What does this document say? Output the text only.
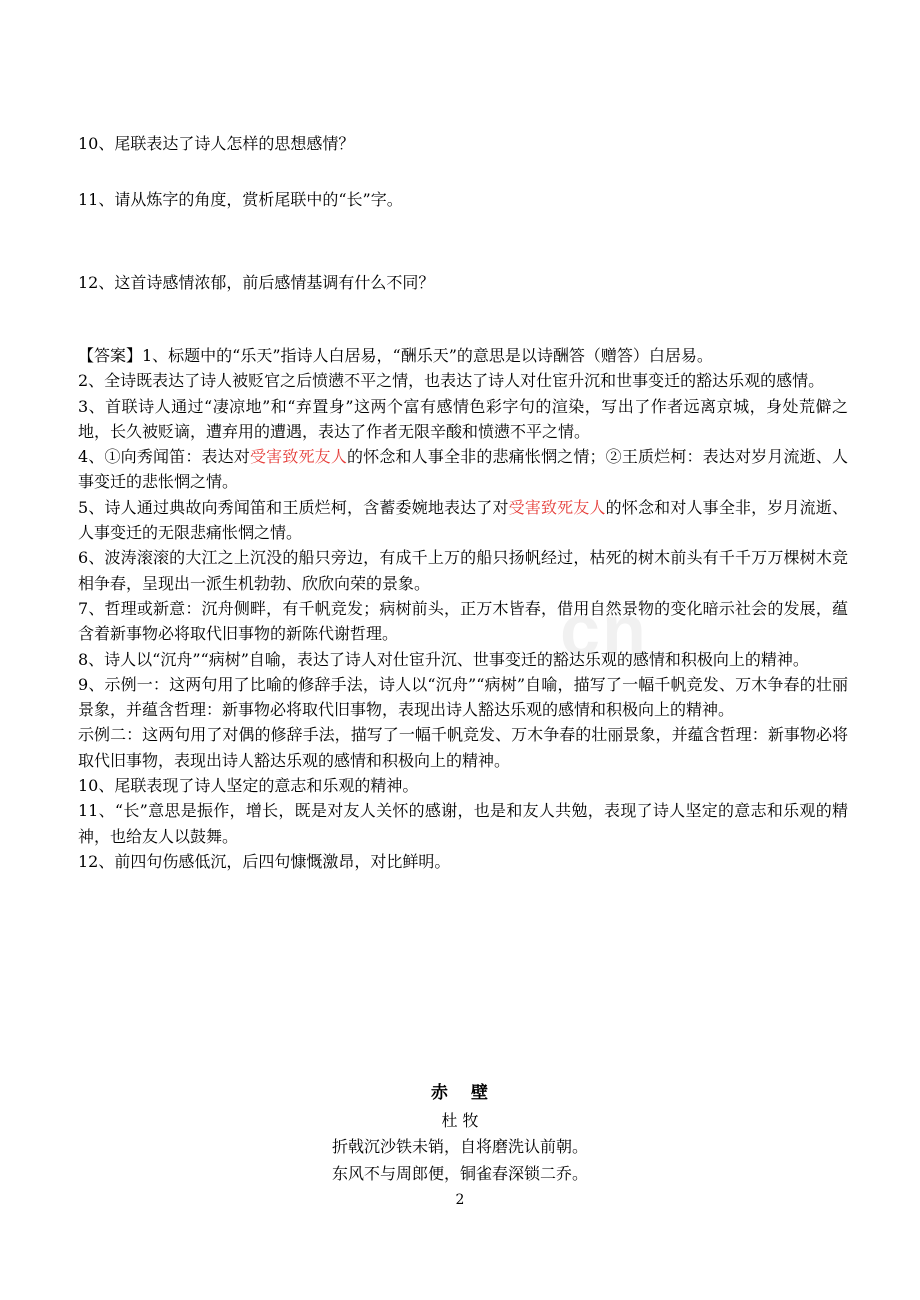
10、尾联表达了诗人怎样的思想感情？
11、请从炼字的角度，赏析尾联中的“长”字。
12、这首诗感情浓郁，前后感情基调有什么不同？

【答案】1、标题中的“乐天”指诗人白居易，“酬乐天”的意思是以诗酬答（赠答）白居易。

2、全诗既表达了诗人被贬官之后愤懑不平之情，也表达了诗人对仕宦升沉和世事变迁的豁达乐观的感情。

3、首联诗人通过“凄凉地”和“弃置身”这两个富有感情色彩字句的渲染，写出了作者远离京城，身处荒僻之地，长久被贬谪，遭弃用的遭遇，表达了作者无限辛酸和愤懑不平之情。

4、①向秀闻笛：表达对受害致死友人的怀念和人事全非的悲痛怅惘之情；②王质烂柯：表达对岁月流逝、人事变迁的悲怅惘之情。

5、诗人通过典故向秀闻笛和王质烂柯，含蓄委婉地表达了对受害致死友人的怀念和对人事全非，岁月流逝、人事变迁的无限悲痛怅惘之情。

6、波涛滚滚的大江之上沉没的船只旁边，有成千上万的船只扬帆经过，枯死的树木前头有千千万万棵树木竞相争春，呈现出一派生机勃勃、欣欣向荣的景象。

7、哲理或新意：沉舟侧畔，有千帆竞发；病树前头，正万木皆春，借用自然景物的变化暗示社会的发展，蕴含着新事物必将取代旧事物的新陈代谢哲理。

8、诗人以“沉舟”“病树”自喻，表达了诗人对仕宦升沉、世事变迁的豁达乐观的感情和积极向上的精神。

9、示例一：这两句用了比喻的修辞手法，诗人以“沉舟”“病树”自喻，描写了一幅千帆竞发、万木争春的壮丽景象，并蕴含哲理：新事物必将取代旧事物，表现出诗人豁达乐观的感情和积极向上的精神。

示例二：这两句用了对偶的修辞手法，描写了一幅千帆竞发、万木争春的壮丽景象，并蕴含哲理：新事物必将取代旧事物，表现出诗人豁达乐观的感情和积极向上的精神。

10、尾联表现了诗人坚定的意志和乐观的精神。

11、“长”意思是振作，增长，既是对友人关怀的感谢，也是和友人共勉，表现了诗人坚定的意志和乐观的精神，也给友人以鼓舞。

12、前四句伤感低沉，后四句慷慨激昂，对比鲜明。

cn
赤 壁
杜 牧
折戟沉沙铁未销，自将磨洗认前朝。
东风不与周郎便，铜雀春深锁二乔。
2
